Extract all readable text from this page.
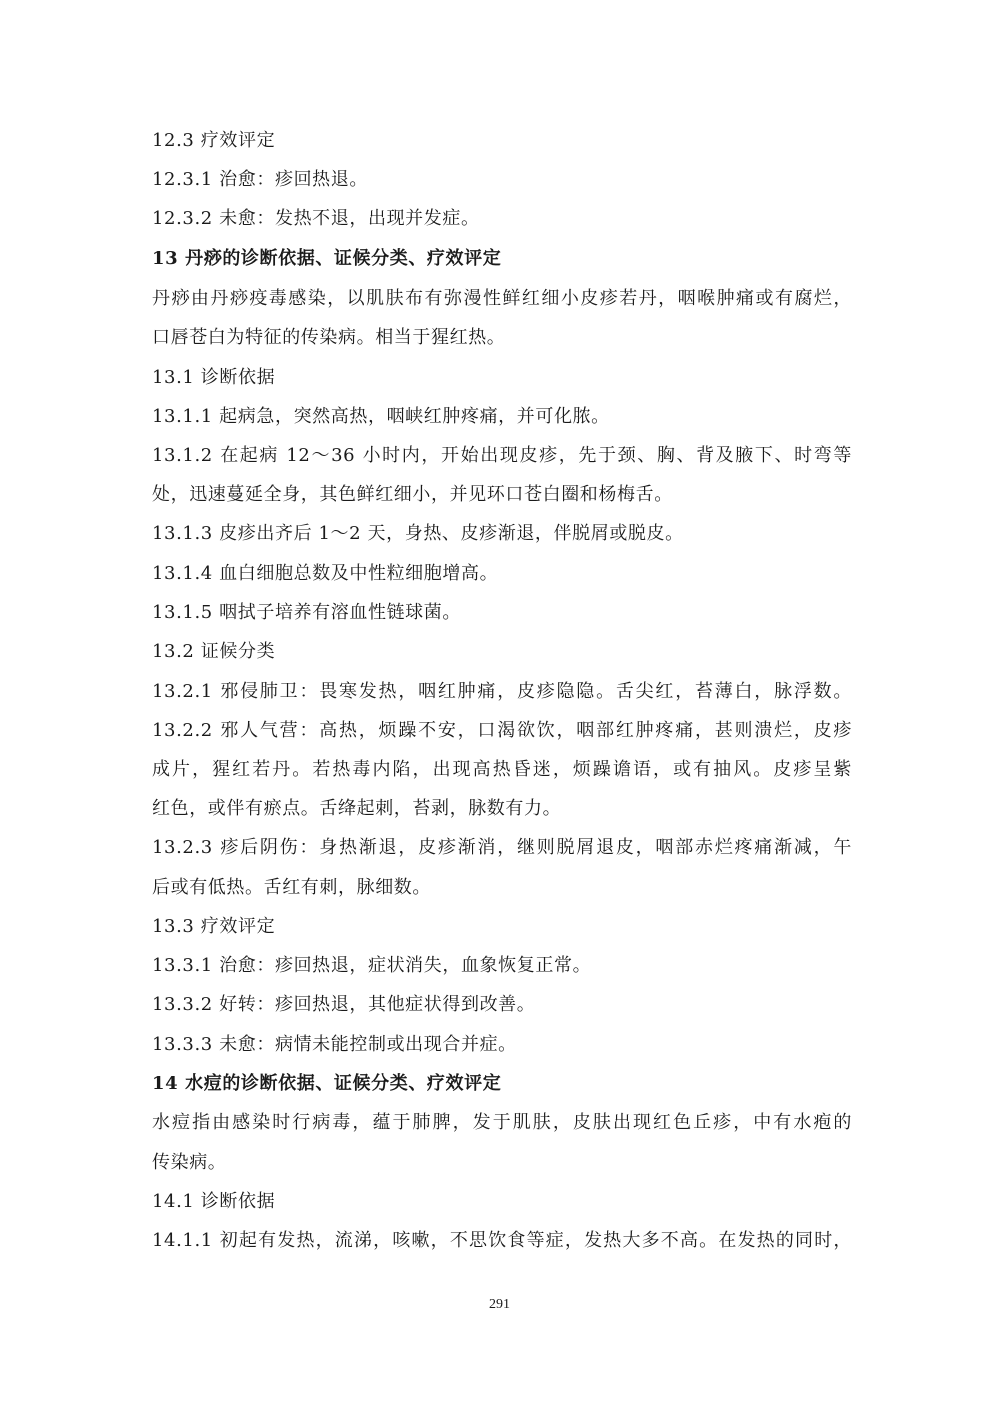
12.3 疗效评定
12.3.1 治愈：疹回热退。
12.3.2 未愈：发热不退，出现并发症。
13 丹痧的诊断依据、证候分类、疗效评定
丹痧由丹痧疫毒感染，以肌肤布有弥漫性鲜红细小皮疹若丹，咽喉肿痛或有腐烂，
口唇苍白为特征的传染病。相当于猩红热。
13.1 诊断依据
13.1.1 起病急，突然高热，咽峡红肿疼痛，并可化脓。
13.1.2 在起病 12～36 小时内，开始出现皮疹，先于颈、胸、背及腋下、时弯等
处，迅速蔓延全身，其色鲜红细小，并见环口苍白圈和杨梅舌。
13.1.3 皮疹出齐后 1～2 天，身热、皮疹渐退，伴脱屑或脱皮。
13.1.4 血白细胞总数及中性粒细胞增高。
13.1.5 咽拭子培养有溶血性链球菌。
13.2 证候分类
13.2.1 邪侵肺卫：畏寒发热，咽红肿痛，皮疹隐隐。舌尖红，苔薄白，脉浮数。
13.2.2 邪人气营：高热，烦躁不安，口渴欲饮，咽部红肿疼痛，甚则溃烂，皮疹
成片，猩红若丹。若热毒内陷，出现高热昏迷，烦躁谵语，或有抽风。皮疹呈紫
红色，或伴有瘀点。舌绛起刺，苔剥，脉数有力。
13.2.3 疹后阴伤：身热渐退，皮疹渐消，继则脱屑退皮，咽部赤烂疼痛渐减，午
后或有低热。舌红有刺，脉细数。
13.3 疗效评定
13.3.1 治愈：疹回热退，症状消失，血象恢复正常。
13.3.2 好转：疹回热退，其他症状得到改善。
13.3.3 未愈：病情未能控制或出现合并症。
14 水痘的诊断依据、证候分类、疗效评定
水痘指由感染时行病毒，蕴于肺脾，发于肌肤，皮肤出现红色丘疹，中有水疱的
传染病。
14.1 诊断依据
14.1.1 初起有发热，流涕，咳嗽，不思饮食等症，发热大多不高。在发热的同时，
291
